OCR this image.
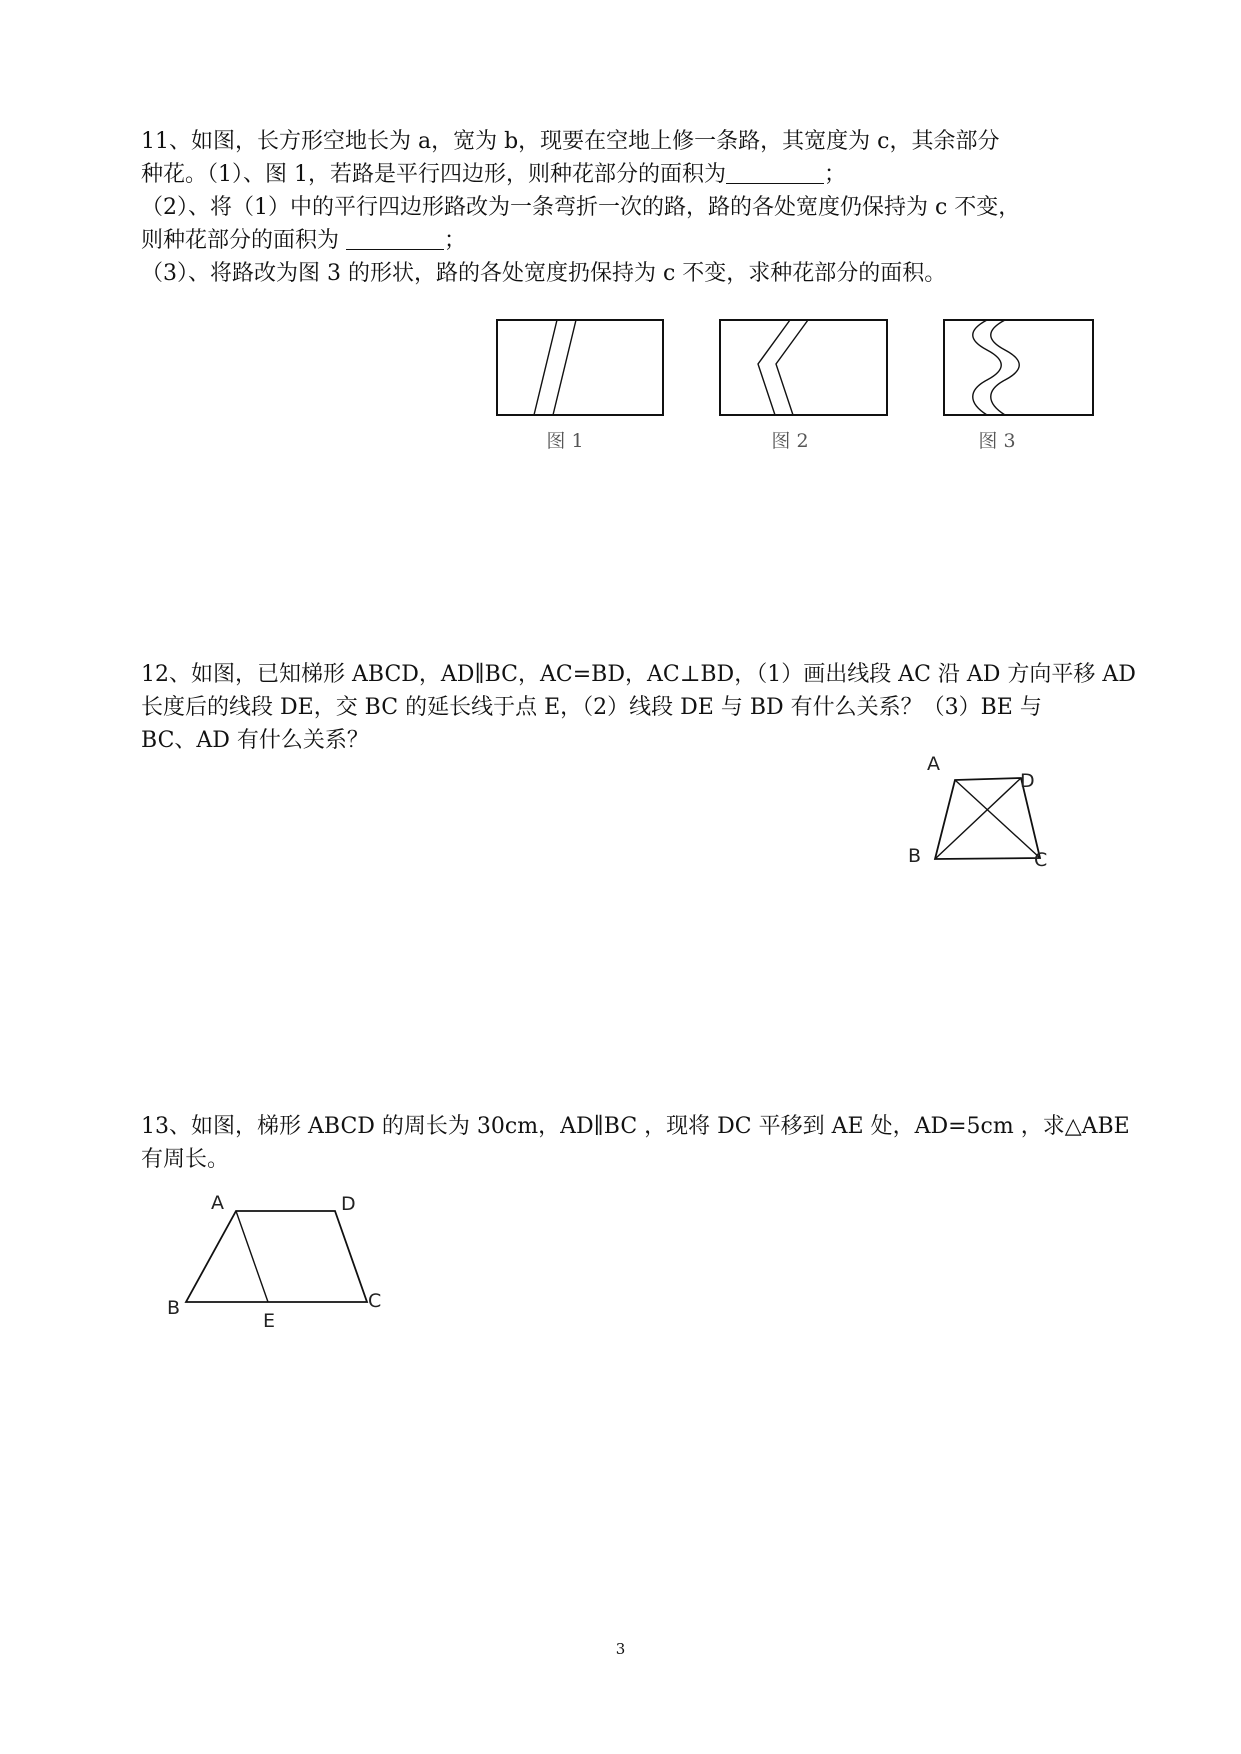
11、如图，长方形空地长为 a，宽为 b，现要在空地上修一条路，其宽度为 c，其余部分

种花。（1）、图 1，若路是平行四边形，则种花部分的面积为	；

（2）、将（1）中的平行四边形路改为一条弯折一次的路，路的各处宽度仍保持为 c 不变，

则种花部分的面积为	；

（3）、将路改为图 3 的形状，路的各处宽度扔保持为 c 不变，求种花部分的面积。

图 1	图 2	图 3
A
D
B	C
A	D
B
E
C

12、如图，已知梯形 ABCD，AD∥BC，AC=BD，AC⊥BD，（1）画出线段 AC 沿 AD 方向平移 AD

长度后的线段 DE，交 BC 的延长线于点 E，（2）线段 DE 与 BD 有什么关系？（3）BE 与

BC、AD 有什么关系？

13、如图，梯形 ABCD 的周长为 30cm，AD∥BC ，现将 DC 平移到 AE 处，AD=5cm ，求△ABE

有周长。

3
